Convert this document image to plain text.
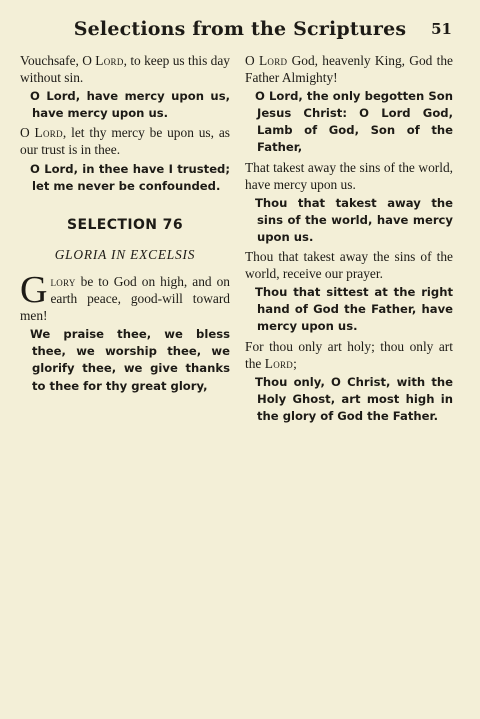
Selections from the Scriptures	51

Vouchsafe, O Lord, to keep us this day without sin.

O Lord, have mercy upon us, have mercy upon us.

O Lord, let thy mercy be upon us, as our trust is in thee.

O Lord, in thee have I trusted; let me never be confounded.

SELECTION 76
GLORIA IN EXCELSIS

Glory be to God on high, and on earth peace, good-will toward men!

We praise thee, we bless thee, we worship thee, we glorify thee, we give thanks to thee for thy great glory,

O Lord God, heavenly King, God the Father Almighty!

O Lord, the only begotten Son Jesus Christ: O Lord God, Lamb of God, Son of the Father,

That takest away the sins of the world, have mercy upon us.

Thou that takest away the sins of the world, have mercy upon us.

Thou that takest away the sins of the world, receive our prayer.

Thou that sittest at the right hand of God the Father, have mercy upon us.

For thou only art holy; thou only art the Lord;

Thou only, O Christ, with the Holy Ghost, art most high in the glory of God the Father.
